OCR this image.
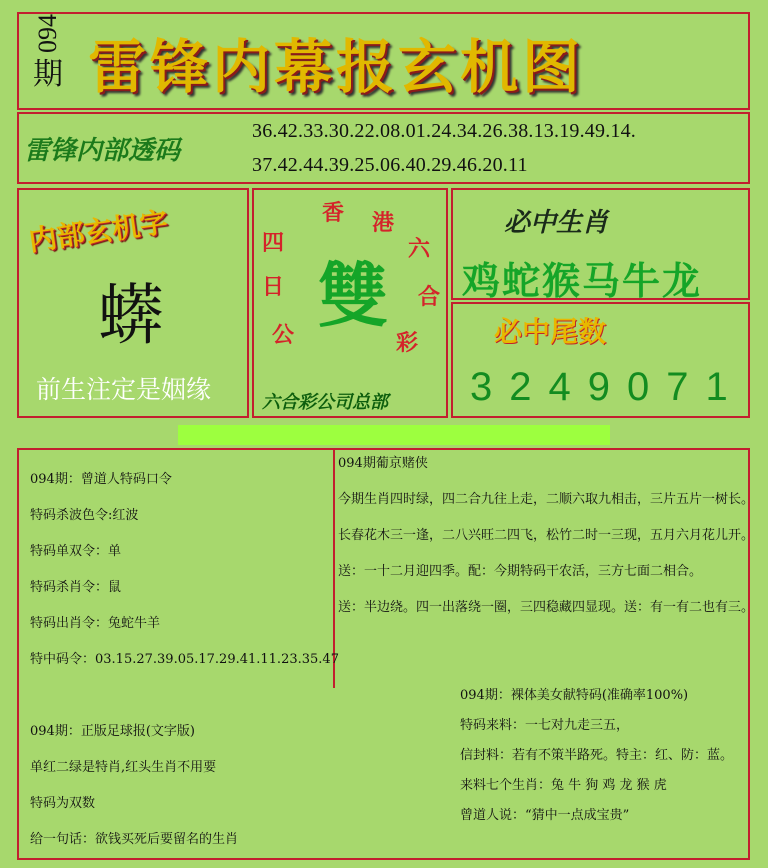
094
期 雷锋内幕报玄机图
雷锋内部透码
36.42.33.30.22.08.01.24.34.26.38.13.19.49.14.
37.42.44.39.25.06.40.29.46.20.11
内部玄机字
蠎
前生注定是姻缘
四
日
香 港
六
合
彩
公 雙
六合彩公司总部
必中生肖
鸡蛇猴马牛龙
必中尾数
3249071
094期：曾道人特码口令
特码杀波色令:红波
特码单双令：单
特码杀肖令：鼠
特码出肖令：兔蛇牛羊
特中码令：03.15.27.39.05.17.29.41.11.23.35.47
094期：正版足球报(文字版)
单红二绿是特肖,红头生肖不用要
特码为双数
给一句话：欲钱买死后要留名的生肖
094期葡京赌侠
今期生肖四时绿，四二合九往上走，二顺六取九相击，三片五片一树长。
长春花木三一逢，二八兴旺二四飞，松竹二时一三现，五月六月花儿开。
送：一十二月迎四季。配：今期特码干农活，三方七面二相合。
送：半边绕。四一出落绕一圈，三四稳藏四显现。送：有一有二也有三。
094期：裸体美女献特码(准确率100%)
特码来料：一七对九走三五，
信封料：若有不策半路死。特主：红、防：蓝。
来料七个生肖：兔 牛 狗 鸡 龙 猴 虎
曾道人说：“猜中一点成宝贵”
